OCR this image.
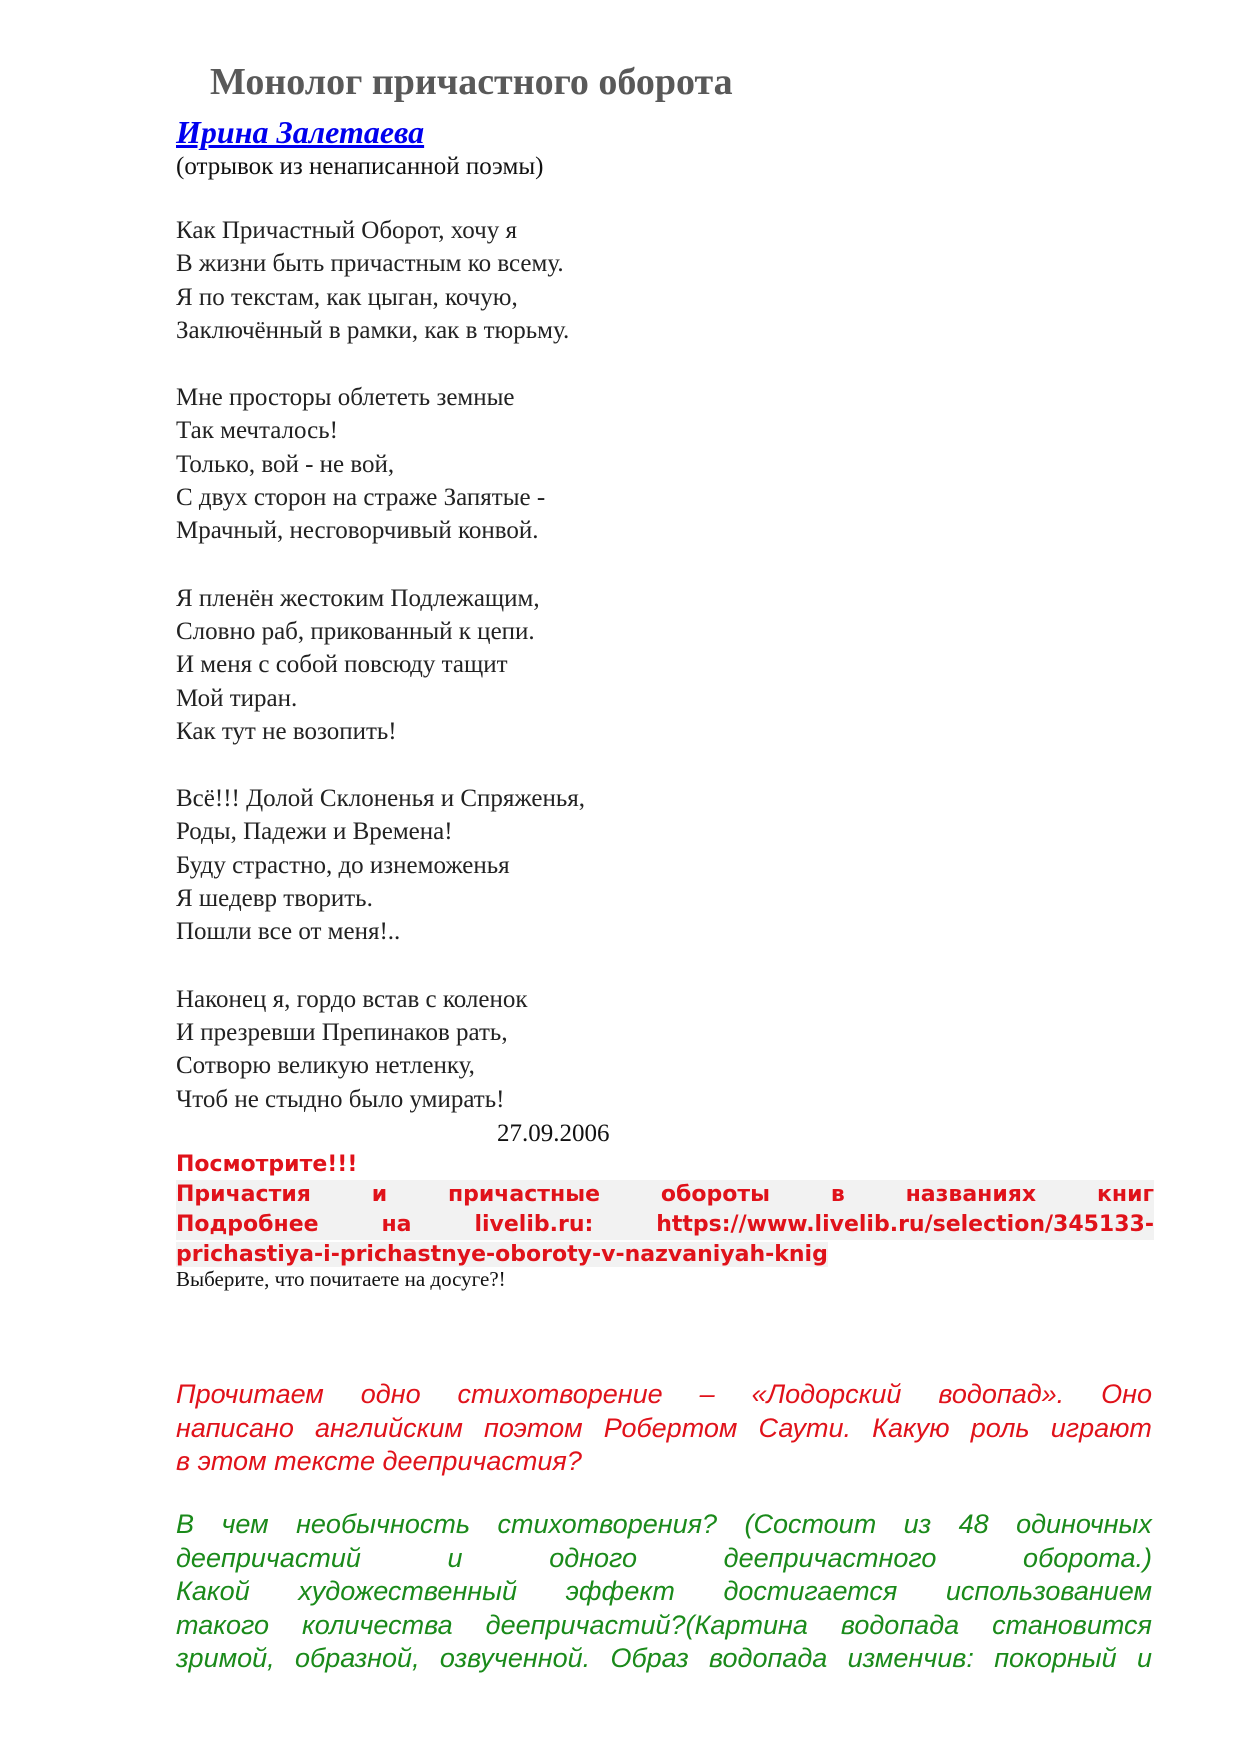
Монолог причастного оборота
Ирина Залетаева
(отрывок из ненаписанной поэмы)
Как Причастный Оборот, хочу я
В жизни быть причастным ко всему.
Я по текстам, как цыган, кочую,
Заключённый в рамки, как в тюрьму.
Мне просторы облететь земные
Так мечталось!
Только, вой - не вой,
С двух сторон на страже Запятые -
Мрачный, несговорчивый конвой.
Я пленён жестоким Подлежащим,
Словно раб, прикованный к цепи.
И меня с собой повсюду тащит
Мой тиран.
Как тут не возопить!
Всё!!! Долой Склоненья и Спряженья,
Роды, Падежи и Времена!
Буду страстно, до изнеможенья
Я шедевр творить.
Пошли все от меня!..
Наконец я, гордо встав с коленок
И презревши Препинаков рать,
Сотворю великую нетленку,
Чтоб не стыдно было умирать!
27.09.2006
Посмотрите!!!
Причастия	и	причастные	обороты	в	названиях	книг
Подробнее	на	livelib.ru:	https://www.livelib.ru/selection/345133-
prichastiya-i-prichastnye-oboroty-v-nazvaniyah-knig
Выберите, что почитаете на досуге?!
Прочитаем одно стихотворение – «Лодорский водопад». Оно
написано английским поэтом Робертом Саути. Какую роль играют
в этом тексте деепричастия?
В чем необычность стихотворения? (Состоит из 48 одиночных
деепричастий	и	одного	деепричастного	оборота.)
Какой художественный эффект достигается использованием
такого количества деепричастий?(Картина водопада становится
зримой, образной, озвученной. Образ водопада изменчив: покорный и
